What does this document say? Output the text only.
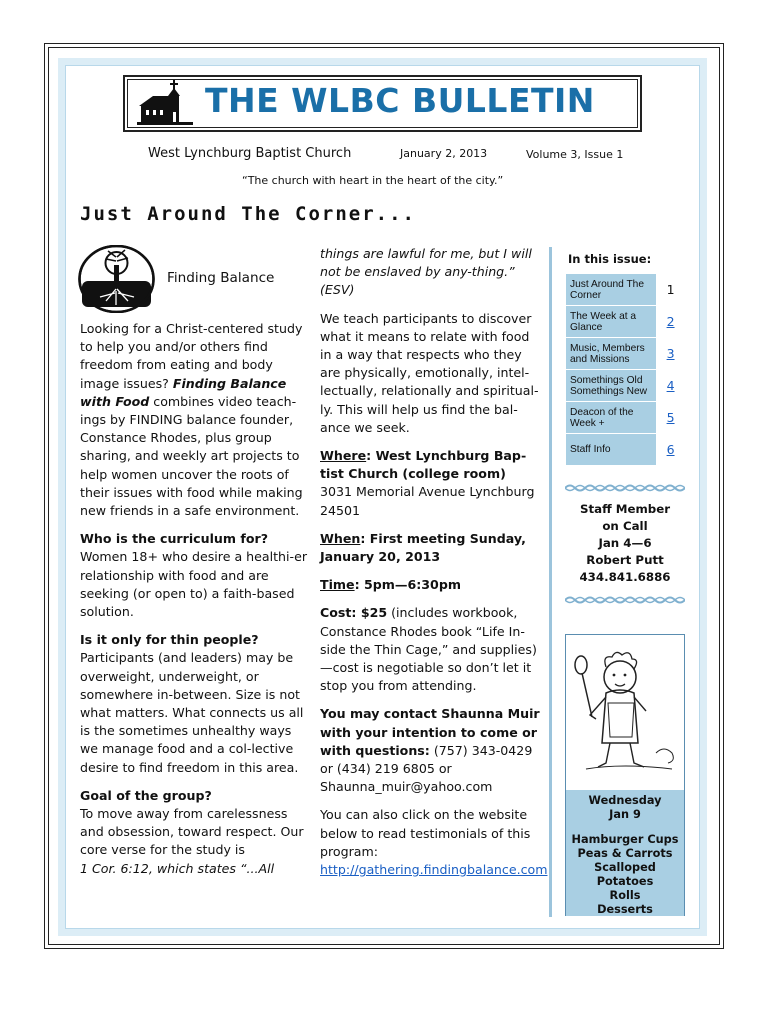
THE WLBC BULLETIN
West Lynchburg Baptist Church	January 2, 2013	Volume 3, Issue 1
“The church with heart in the heart of the city.”
Just Around The Corner...
Finding Balance

Looking for a Christ-centered study to help you and/or others find freedom from eating and body image issues? Finding Balance with Food combines video teach-ings by FINDING balance founder, Constance Rhodes, plus group sharing, and weekly art projects to help women uncover the roots of their issues with food while making new friends in a safe environment.

Who is the curriculum for?

Women 18+ who desire a healthi-er relationship with food and are seeking (or open to) a faith-based solution.

Is it only for thin people?

Participants (and leaders) may be overweight, underweight, or somewhere in-between. Size is not what matters. What connects us all is the sometimes unhealthy ways we manage food and a col-lective desire to find freedom in this area.

Goal of the group?
To move away from carelessness and obsession, toward respect. Our core verse for the study is
1 Cor. 6:12, which states “...All

things are lawful for me, but I will not be enslaved by any-thing.” (ESV)

We teach participants to discover what it means to relate with food in a way that respects who they are physically, emotionally, intel-lectually, relationally and spiritual-ly. This will help us find the bal-ance we seek.

Where: West Lynchburg Bap-tist Church (college room)
3031 Memorial Avenue Lynchburg 24501

When: First meeting Sunday, January 20, 2013

Time: 5pm—6:30pm

Cost: $25 (includes workbook, Constance Rhodes book “Life In-side the Thin Cage,” and supplies) —cost is negotiable so don’t let it stop you from attending.

You may contact Shaunna Muir with your intention to come or with questions: (757) 343-0429 or (434) 219 6805 or Shaunna_muir@yahoo.com

You can also click on the website below to read testimonials of this program: http://gathering.findingbalance.com

In this issue:
Just Around The Corner	1
The Week at a Glance	2
Music, Members and Missions	3
Somethings Old Somethings New	4
Deacon of the Week +	5
Staff Info	6
Staff Member
on Call
Jan 4—6
Robert Putt
434.841.6886
Wednesday
Jan 9
Hamburger Cups
Peas & Carrots
Scalloped Potatoes
Rolls
Desserts
